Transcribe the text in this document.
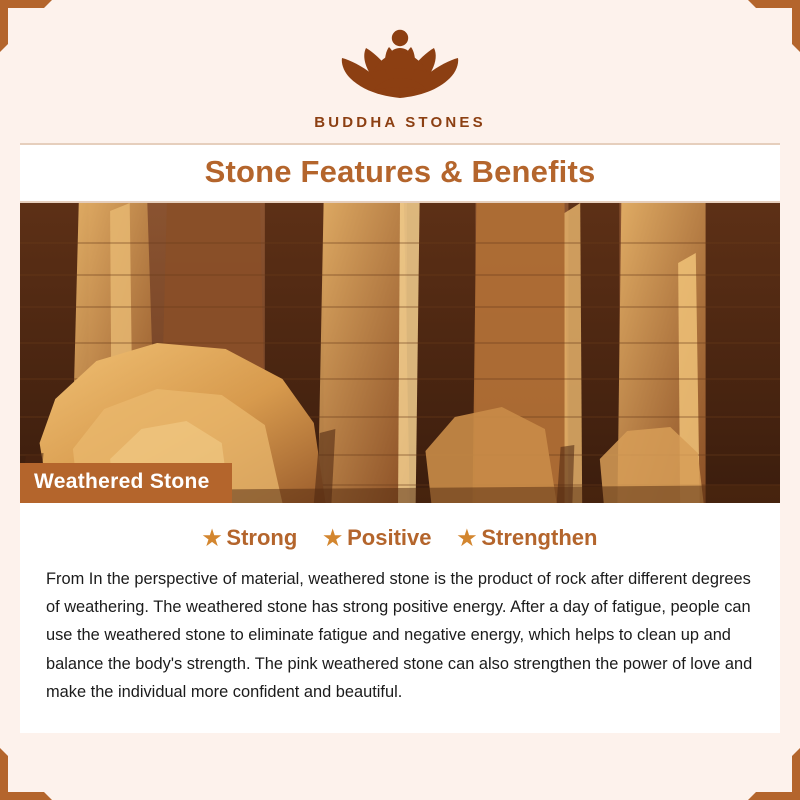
BUDDHA STONES
Stone Features & Benefits
Weathered Stone
★ Strong ★ Positive ★ Strengthen

From In the perspective of material, weathered stone is the product of rock after different degrees of weathering. The weathered stone has strong positive energy. After a day of fatigue, people can use the weathered stone to eliminate fatigue and negative energy, which helps to clean up and balance the body's strength. The pink weathered stone can also strengthen the power of love and make the individual more confident and beautiful.
